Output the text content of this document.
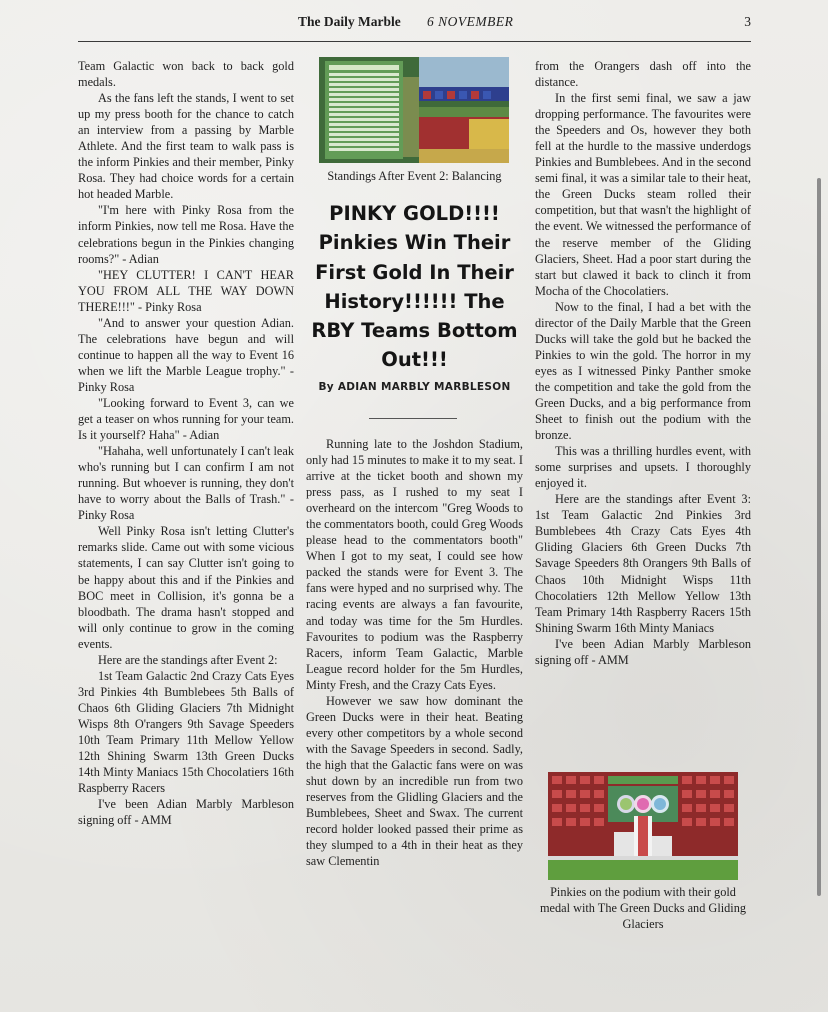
The Daily Marble 6 NOVEMBER	3

Team Galactic won back to back gold medals.

As the fans left the stands, I went to set up my press booth for the chance to catch an interview from a passing by Marble Athlete. And the first team to walk pass is the inform Pinkies and their member, Pinky Rosa. They had choice words for a certain hot headed Marble.

"I'm here with Pinky Rosa from the inform Pinkies, now tell me Rosa. Have the celebrations begun in the Pinkies changing rooms?" - Adian

"HEY CLUTTER! I CAN'T HEAR YOU FROM ALL THE WAY DOWN THERE!!!" - Pinky Rosa

"And to answer your question Adian. The celebrations have begun and will continue to happen all the way to Event 16 when we lift the Marble League trophy." - Pinky Rosa

"Looking forward to Event 3, can we get a teaser on whos running for your team. Is it yourself? Haha" - Adian

"Hahaha, well unfortunately I can't leak who's running but I can confirm I am not running. But whoever is running, they don't have to worry about the Balls of Trash." - Pinky Rosa

Well Pinky Rosa isn't letting Clutter's remarks slide. Came out with some vicious statements, I can say Clutter isn't going to be happy about this and if the Pinkies and BOC meet in Collision, it's gonna be a bloodbath. The drama hasn't stopped and will only continue to grow in the coming events.

Here are the standings after Event 2:

1st Team Galactic 2nd Crazy Cats Eyes 3rd Pinkies 4th Bumblebees 5th Balls of Chaos 6th Gliding Glaciers 7th Midnight Wisps 8th O'rangers 9th Savage Speeders 10th Team Primary 11th Mellow Yellow 12th Shining Swarm 13th Green Ducks 14th Minty Maniacs 15th Chocolatiers 16th Raspberry Racers

I've been Adian Marbly Marbleson signing off - AMM

Standings After Event 2: Balancing
PINKY GOLD!!!! Pinkies Win Their First Gold In Their History!!!!!! The RBY Teams Bottom Out!!!
By ADIAN MARBLY MARBLESON

Running late to the Joshdon Stadium, only had 15 minutes to make it to my seat. I arrive at the ticket booth and shown my press pass, as I rushed to my seat I overheard on the intercom "Greg Woods to the commentators booth, could Greg Woods please head to the commentators booth" When I got to my seat, I could see how packed the stands were for Event 3. The fans were hyped and no surprised why. The racing events are always a fan favourite, and today was time for the 5m Hurdles. Favourites to podium was the Raspberry Racers, inform Team Galactic, Marble League record holder for the 5m Hurdles, Minty Fresh, and the Crazy Cats Eyes.

However we saw how dominant the Green Ducks were in their heat. Beating every other competitors by a whole second with the Savage Speeders in second. Sadly, the high that the Galactic fans were on was shut down by an incredible run from two reserves from the Glidling Glaciers and the Bumblebees, Sheet and Swax. The current record holder looked passed their prime as they slumped to a 4th in their heat as they saw Clementin

from the Orangers dash off into the distance.

In the first semi final, we saw a jaw dropping performance. The favourites were the Speeders and Os, however they both fell at the hurdle to the massive underdogs Pinkies and Bumblebees. And in the second semi final, it was a similar tale to their heat, the Green Ducks steam rolled their competition, but that wasn't the highlight of the event. We witnessed the performance of the reserve member of the Gliding Glaciers, Sheet. Had a poor start during the start but clawed it back to clinch it from Mocha of the Chocolatiers.

Now to the final, I had a bet with the director of the Daily Marble that the Green Ducks will take the gold but he backed the Pinkies to win the gold. The horror in my eyes as I witnessed Pinky Panther smoke the competition and take the gold from the Green Ducks, and a big performance from Sheet to finish out the podium with the bronze.

This was a thrilling hurdles event, with some surprises and upsets. I thoroughly enjoyed it.

Here are the standings after Event 3: 1st Team Galactic 2nd Pinkies 3rd Bumblebees 4th Crazy Cats Eyes 4th Gliding Glaciers 6th Green Ducks 7th Savage Speeders 8th Orangers 9th Balls of Chaos 10th Midnight Wisps 11th Chocolatiers 12th Mellow Yellow 13th Team Primary 14th Raspberry Racers 15th Shining Swarm 16th Minty Maniacs

I've been Adian Marbly Marbleson signing off - AMM

Pinkies on the podium with their gold medal with The Green Ducks and Gliding Glaciers
